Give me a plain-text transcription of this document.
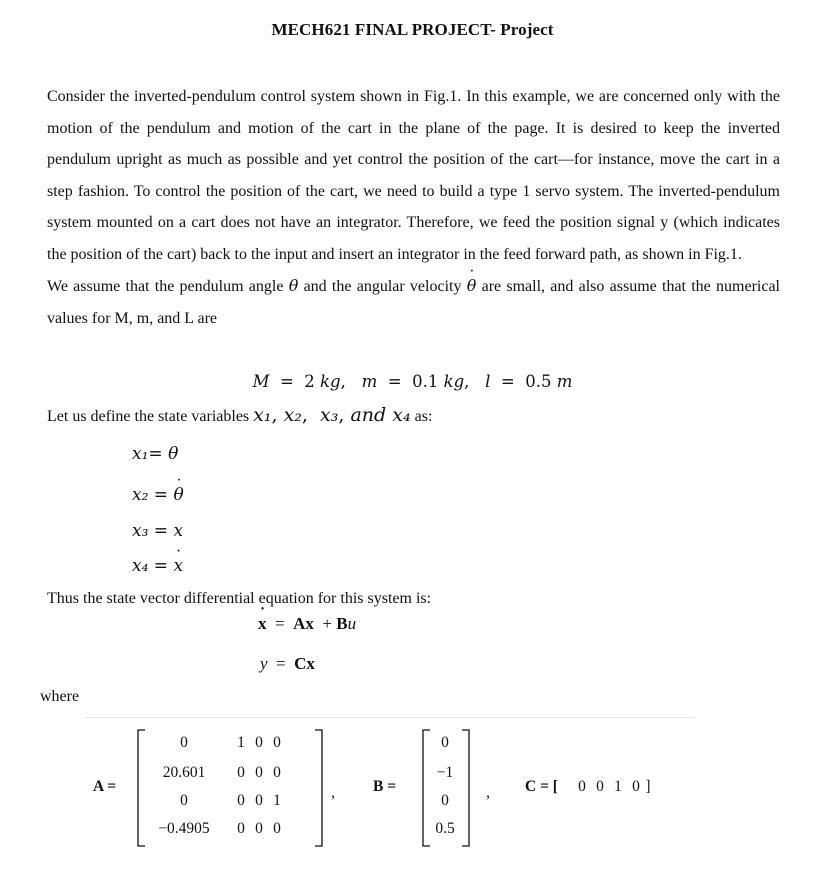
MECH621 FINAL PROJECT- Project

Consider the inverted-pendulum control system shown in Fig.1. In this example, we are concerned only with the motion of the pendulum and motion of the cart in the plane of the page. It is desired to keep the inverted pendulum upright as much as possible and yet control the position of the cart—for instance, move the cart in a step fashion. To control the position of the cart, we need to build a type 1 servo system. The inverted-pendulum system mounted on a cart does not have an integrator. Therefore, we feed the position signal y (which indicates the position of the cart) back to the input and insert an integrator in the feed forward path, as shown in Fig.1.

We assume that the pendulum angle θ and the angular velocity θ ˙ are small, and also assume that the numerical values for M, m, and L are

M  =  2 kg,   m  =  0.1 kg,   l  =  0.5 m
Let us define the state variables x₁, x₂,  x₃, and x₄ as:
x₁= θ
x₂ = θ ˙
x₃ = x
x₄ = x ˙
Thus the state vector differential equation for this system is:
x ˙  =  Ax  + Bu
y  =  Cx
where
A =
0	1 0 0
20.601	0 0 0
0	0 0 1
−0.4905	0 0 0
, B =
0
−1
0
0.5
, C = [ 0 0 1 0 ]
